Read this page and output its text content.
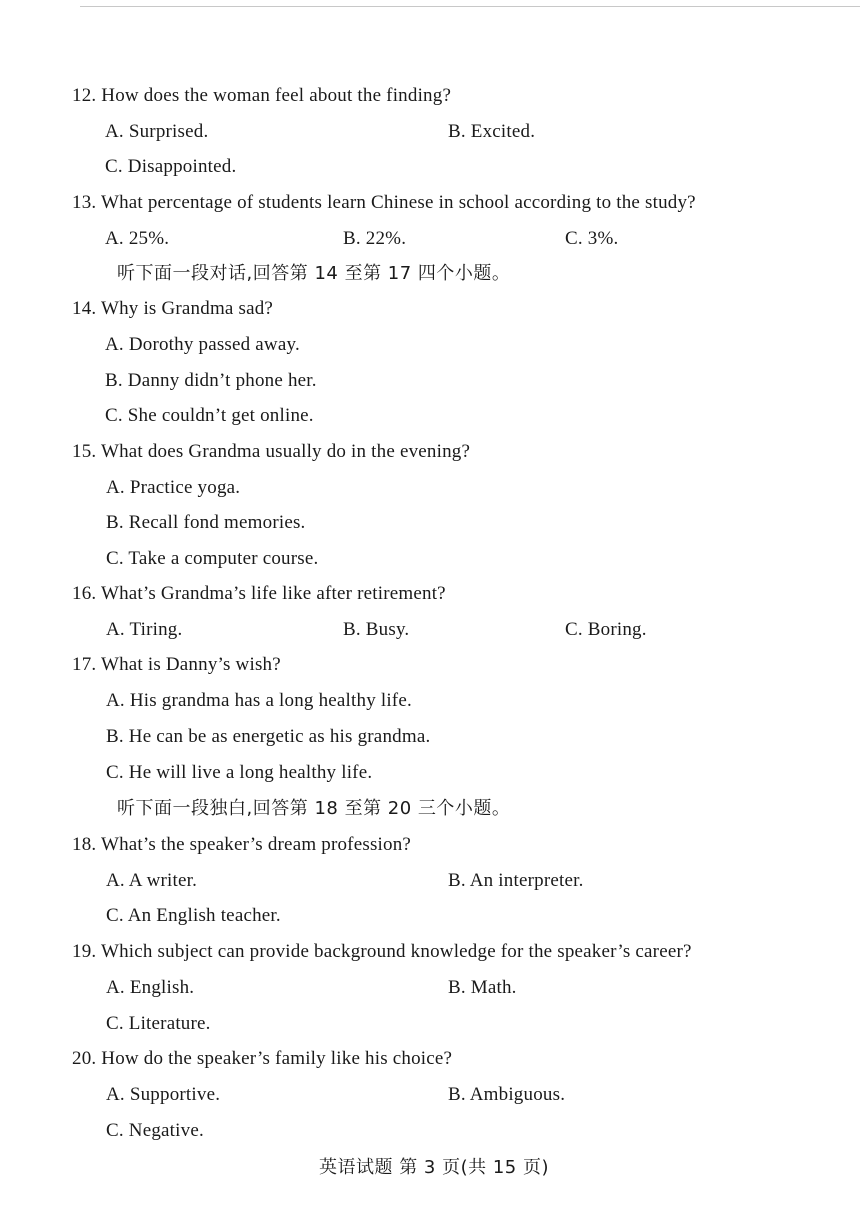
12. How does the woman feel about the finding?
A. Surprised.	B. Excited.
C. Disappointed.
13. What percentage of students learn Chinese in school according to the study?
A. 25%.	B. 22%.	C. 3%.
听下面一段对话,回答第 14 至第 17 四个小题。
14. Why is Grandma sad?
A. Dorothy passed away.
B. Danny didn’t phone her.
C. She couldn’t get online.
15. What does Grandma usually do in the evening?
A. Practice yoga.
B. Recall fond memories.
C. Take a computer course.
16. What’s Grandma’s life like after retirement?
A. Tiring.	B. Busy.	C. Boring.
17. What is Danny’s wish?
A. His grandma has a long healthy life.
B. He can be as energetic as his grandma.
C. He will live a long healthy life.
听下面一段独白,回答第 18 至第 20 三个小题。
18. What’s the speaker’s dream profession?
A. A writer.	B. An interpreter.
C. An English teacher.
19. Which subject can provide background knowledge for the speaker’s career?
A. English.	B. Math.
C. Literature.
20. How do the speaker’s family like his choice?
A. Supportive.	B. Ambiguous.
C. Negative.
英语试题 第 3 页(共 15 页)
